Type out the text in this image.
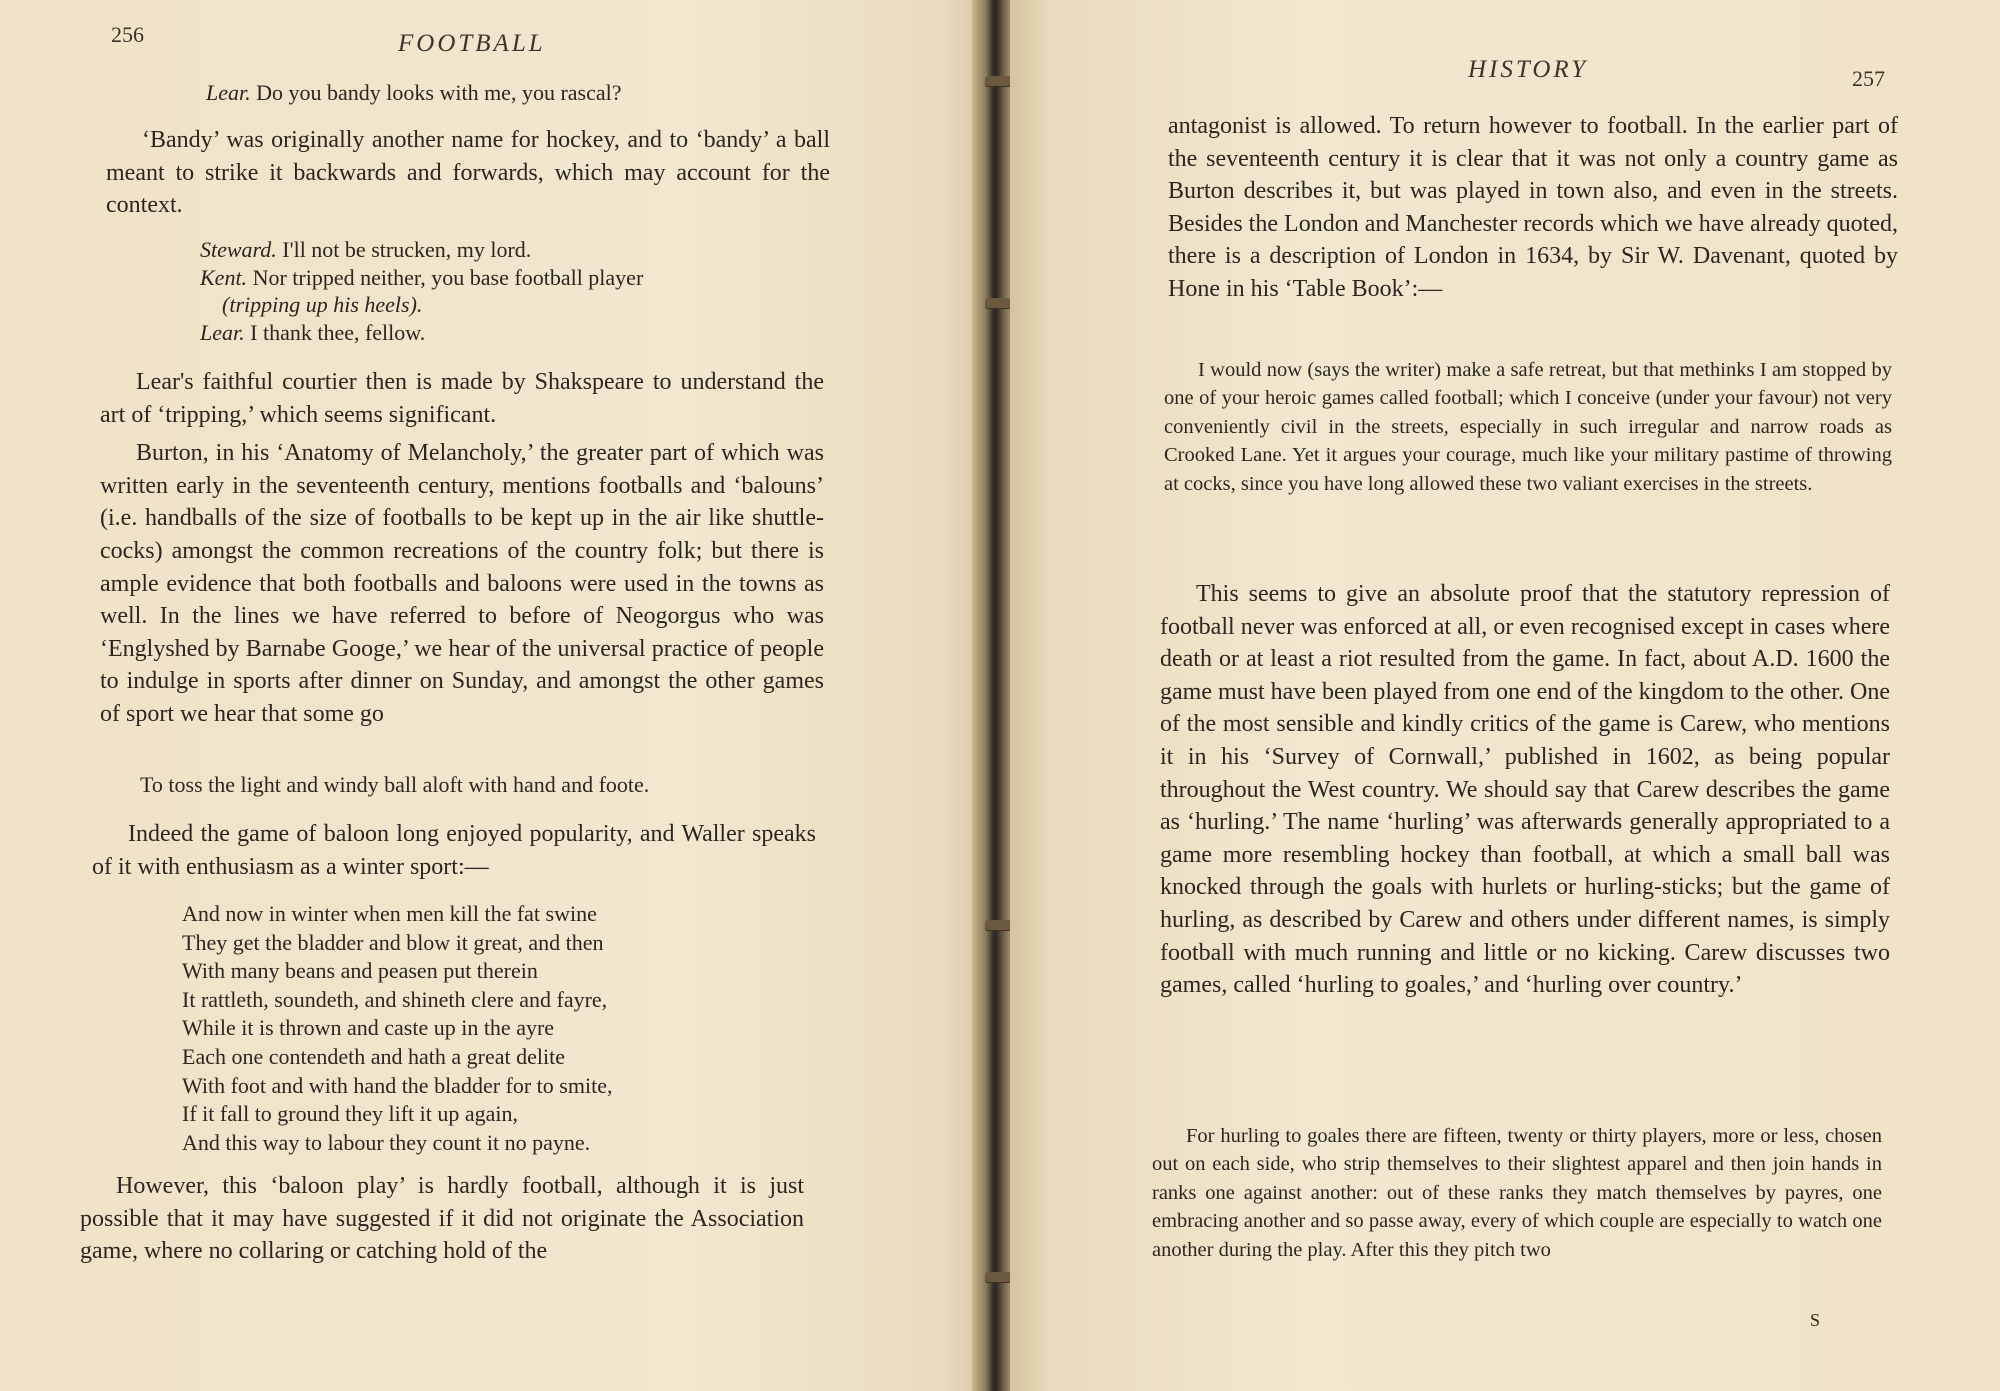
256	FOOTBALL
Lear. Do you bandy looks with me, you rascal?

‘Bandy’ was originally another name for hockey, and to ‘bandy’ a ball meant to strike it backwards and forwards, which may account for the context.

Steward. I'll not be strucken, my lord.
Kent. Nor tripped neither, you base football player
(tripping up his heels).
Lear. I thank thee, fellow.

Lear's faithful courtier then is made by Shakspeare to understand the art of ‘tripping,’ which seems significant.

Burton, in his ‘Anatomy of Melancholy,’ the greater part of which was written early in the seventeenth century, mentions footballs and ‘balouns’ (i.e. handballs of the size of footballs to be kept up in the air like shuttle-cocks) amongst the common recreations of the country folk; but there is ample evidence that both footballs and baloons were used in the towns as well. In the lines we have referred to before of Neogorgus who was ‘Englyshed by Barnabe Googe,’ we hear of the universal practice of people to indulge in sports after dinner on Sunday, and amongst the other games of sport we hear that some go

To toss the light and windy ball aloft with hand and foote.

Indeed the game of baloon long enjoyed popularity, and Waller speaks of it with enthusiasm as a winter sport:—

And now in winter when men kill the fat swine
They get the bladder and blow it great, and then
With many beans and peasen put therein
It rattleth, soundeth, and shineth clere and fayre,
While it is thrown and caste up in the ayre
Each one contendeth and hath a great delite
With foot and with hand the bladder for to smite,
If it fall to ground they lift it up again,
And this way to labour they count it no payne.

However, this ‘baloon play’ is hardly football, although it is just possible that it may have suggested if it did not originate the Association game, where no collaring or catching hold of the

HISTORY	257

antagonist is allowed. To return however to football. In the earlier part of the seventeenth century it is clear that it was not only a country game as Burton describes it, but was played in town also, and even in the streets. Besides the London and Manchester records which we have already quoted, there is a description of London in 1634, by Sir W. Davenant, quoted by Hone in his ‘Table Book’:—

I would now (says the writer) make a safe retreat, but that methinks I am stopped by one of your heroic games called football; which I conceive (under your favour) not very conveniently civil in the streets, especially in such irregular and narrow roads as Crooked Lane. Yet it argues your courage, much like your military pastime of throwing at cocks, since you have long allowed these two valiant exercises in the streets.

This seems to give an absolute proof that the statutory repression of football never was enforced at all, or even recognised except in cases where death or at least a riot resulted from the game. In fact, about A.D. 1600 the game must have been played from one end of the kingdom to the other. One of the most sensible and kindly critics of the game is Carew, who mentions it in his ‘Survey of Cornwall,’ published in 1602, as being popular throughout the West country. We should say that Carew describes the game as ‘hurling.’ The name ‘hurling’ was afterwards generally appropriated to a game more resembling hockey than football, at which a small ball was knocked through the goals with hurlets or hurling-sticks; but the game of hurling, as described by Carew and others under different names, is simply football with much running and little or no kicking. Carew discusses two games, called ‘hurling to goales,’ and ‘hurling over country.’

For hurling to goales there are fifteen, twenty or thirty players, more or less, chosen out on each side, who strip themselves to their slightest apparel and then join hands in ranks one against another: out of these ranks they match themselves by payres, one embracing another and so passe away, every of which couple are especially to watch one another during the play. After this they pitch two

S
